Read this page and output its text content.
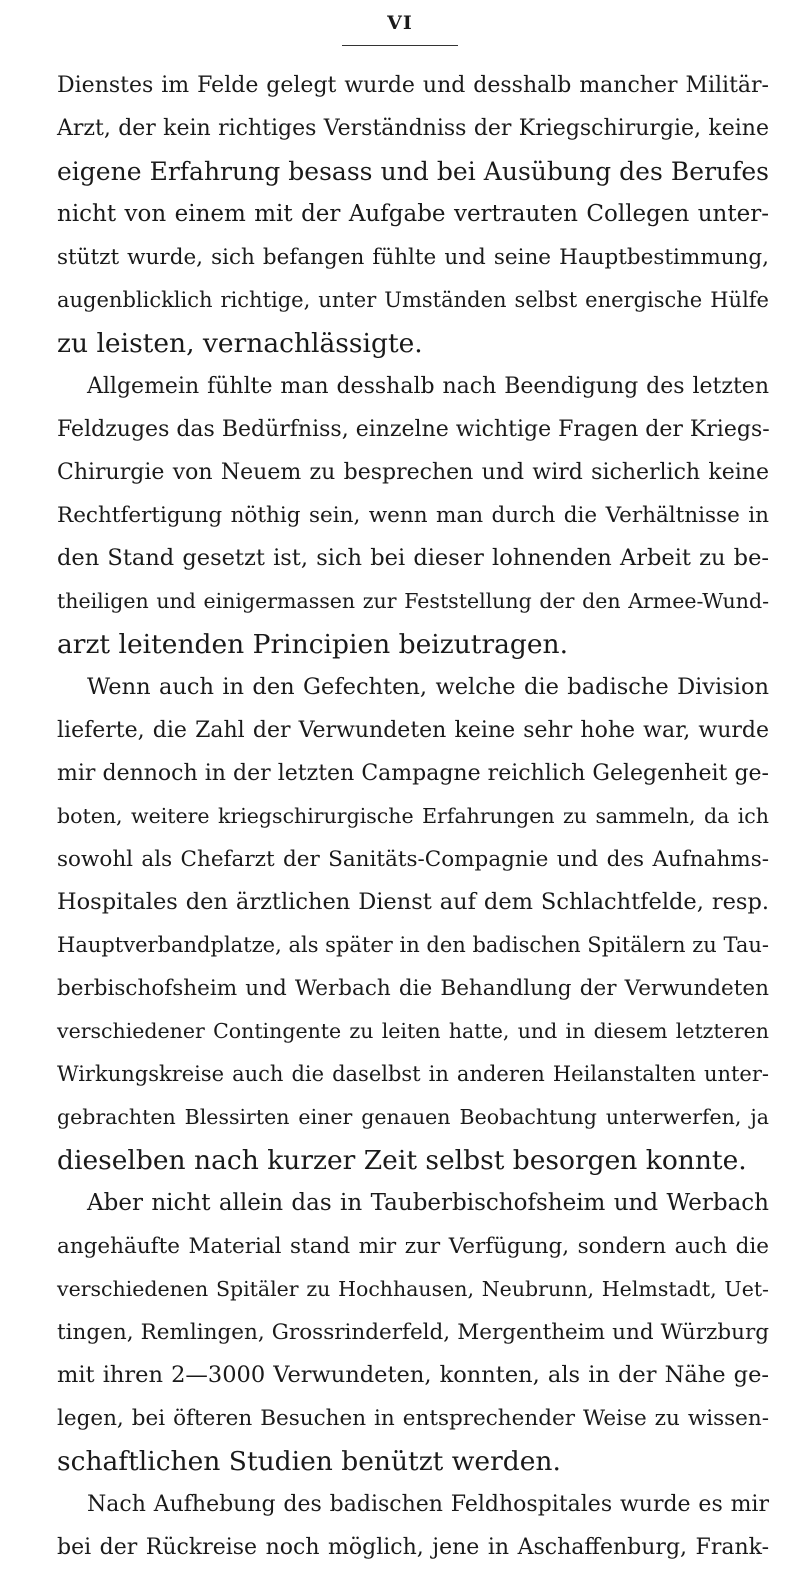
VI
Dienstes im Felde gelegt wurde und desshalb mancher Militär-
Arzt, der kein richtiges Verständniss der Kriegschirurgie, keine
eigene Erfahrung besass und bei Ausübung des Berufes
nicht von einem mit der Aufgabe vertrauten Collegen unter-
stützt wurde, sich befangen fühlte und seine Hauptbestimmung,
augenblicklich richtige, unter Umständen selbst energische Hülfe
zu leisten, vernachlässigte.
Allgemein fühlte man desshalb nach Beendigung des letzten
Feldzuges das Bedürfniss, einzelne wichtige Fragen der Kriegs-
Chirurgie von Neuem zu besprechen und wird sicherlich keine
Rechtfertigung nöthig sein, wenn man durch die Verhältnisse in
den Stand gesetzt ist, sich bei dieser lohnenden Arbeit zu be-
theiligen und einigermassen zur Feststellung der den Armee-Wund-
arzt leitenden Principien beizutragen.
Wenn auch in den Gefechten, welche die badische Division
lieferte, die Zahl der Verwundeten keine sehr hohe war, wurde
mir dennoch in der letzten Campagne reichlich Gelegenheit ge-
boten, weitere kriegschirurgische Erfahrungen zu sammeln, da ich
sowohl als Chefarzt der Sanitäts-Compagnie und des Aufnahms-
Hospitales den ärztlichen Dienst auf dem Schlachtfelde, resp.
Hauptverbandplatze, als später in den badischen Spitälern zu Tau-
berbischofsheim und Werbach die Behandlung der Verwundeten
verschiedener Contingente zu leiten hatte, und in diesem letzteren
Wirkungskreise auch die daselbst in anderen Heilanstalten unter-
gebrachten Blessirten einer genauen Beobachtung unterwerfen, ja
dieselben nach kurzer Zeit selbst besorgen konnte.
Aber nicht allein das in Tauberbischofsheim und Werbach
angehäufte Material stand mir zur Verfügung, sondern auch die
verschiedenen Spitäler zu Hochhausen, Neubrunn, Helmstadt, Uet-
tingen, Remlingen, Grossrinderfeld, Mergentheim und Würzburg
mit ihren 2—3000 Verwundeten, konnten, als in der Nähe ge-
legen, bei öfteren Besuchen in entsprechender Weise zu wissen-
schaftlichen Studien benützt werden.
Nach Aufhebung des badischen Feldhospitales wurde es mir
bei der Rückreise noch möglich, jene in Aschaffenburg, Frank-
